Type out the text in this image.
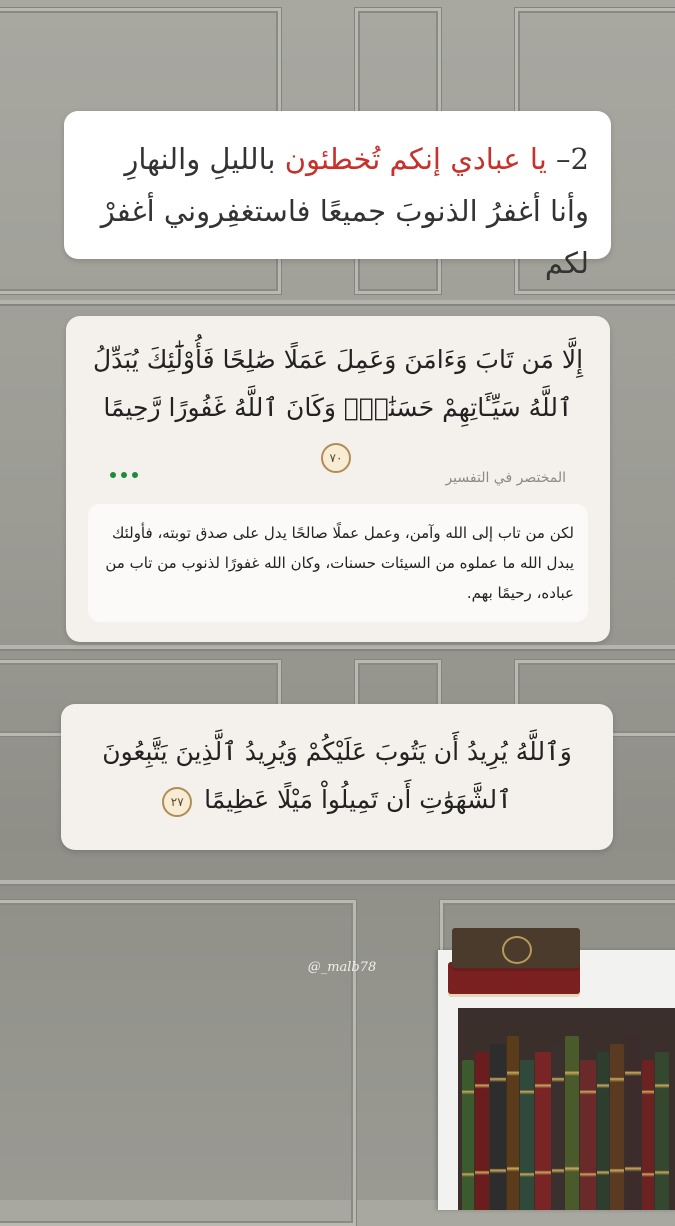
2– يا عبادي إنكم تُخطئون بالليلِ والنهارِ وأنا أغفرُ الذنوبَ جميعًا فاستغفِروني أغفرْ لكم
إِلَّا مَن تَابَ وَءَامَنَ وَعَمِلَ عَمَلًا صَٰلِحًا فَأُوْلَٰٓئِكَ يُبَدِّلُ ٱللَّهُ سَيِّـَٔاتِهِمْ حَسَنَٰتٍۗ وَكَانَ ٱللَّهُ غَفُورًا رَّحِيمًا ٧٠
المختصر في التفسير
لكن من تاب إلى الله وآمن، وعمل عملًا صالحًا يدل على صدق توبته، فأولئك يبدل الله ما عملوه من السيئات حسنات، وكان الله غفورًا لذنوب من تاب من عباده، رحيمًا بهم.
وَٱللَّهُ يُرِيدُ أَن يَتُوبَ عَلَيْكُمْ وَيُرِيدُ ٱلَّذِينَ يَتَّبِعُونَ ٱلشَّهَوَٰتِ أَن تَمِيلُواْ مَيْلًا عَظِيمًا ٢٧
@_malb78
